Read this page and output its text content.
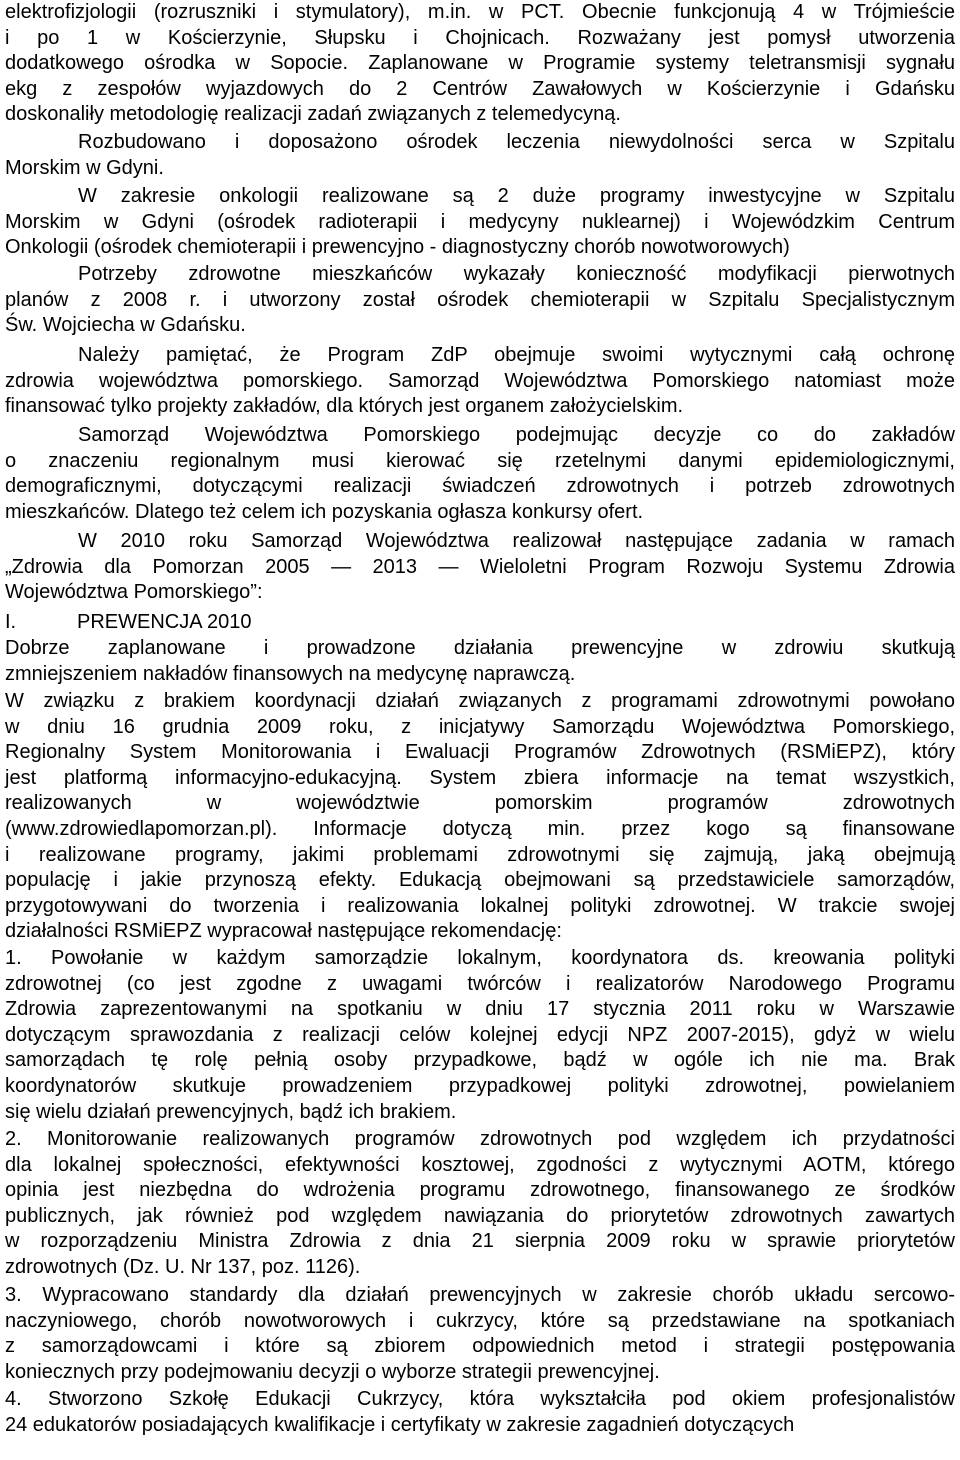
elektrofizjologii (rozruszniki i stymulatory), m.in. w PCT. Obecnie funkcjonują 4 w Trójmieście
i po 1 w Kościerzynie, Słupsku i Chojnicach. Rozważany jest pomysł utworzenia
dodatkowego ośrodka w Sopocie. Zaplanowane w Programie systemy teletransmisji sygnału
ekg z zespołów wyjazdowych do 2 Centrów Zawałowych w Kościerzynie i Gdańsku
doskonaliły metodologię realizacji zadań związanych z telemedycyną.
Rozbudowano i doposażono ośrodek leczenia niewydolności serca w Szpitalu
Morskim w Gdyni.
W zakresie onkologii realizowane są 2 duże programy inwestycyjne w Szpitalu
Morskim w Gdyni (ośrodek radioterapii i medycyny nuklearnej) i Wojewódzkim Centrum
Onkologii (ośrodek chemioterapii i prewencyjno - diagnostyczny chorób nowotworowych)
Potrzeby zdrowotne mieszkańców wykazały konieczność modyfikacji pierwotnych
planów z 2008 r. i utworzony został ośrodek chemioterapii w Szpitalu Specjalistycznym
Św. Wojciecha w Gdańsku.
Należy pamiętać, że Program ZdP obejmuje swoimi wytycznymi całą ochronę
zdrowia województwa pomorskiego. Samorząd Województwa Pomorskiego natomiast może
finansować tylko projekty zakładów, dla których jest organem założycielskim.
Samorząd Województwa Pomorskiego podejmując decyzje co do zakładów
o znaczeniu regionalnym musi kierować się rzetelnymi danymi epidemiologicznymi,
demograficznymi, dotyczącymi realizacji świadczeń zdrowotnych i potrzeb zdrowotnych
mieszkańców. Dlatego też celem ich pozyskania ogłasza konkursy ofert.
W 2010 roku Samorząd Województwa realizował następujące zadania w ramach
„Zdrowia dla Pomorzan 2005 — 2013 — Wieloletni Program Rozwoju Systemu Zdrowia
Województwa Pomorskiego”:
I.	PREWENCJA 2010
Dobrze zaplanowane i prowadzone działania prewencyjne w zdrowiu skutkują
zmniejszeniem nakładów finansowych na medycynę naprawczą.
W związku z brakiem koordynacji działań związanych z programami zdrowotnymi powołano
w dniu 16 grudnia 2009 roku, z inicjatywy Samorządu Województwa Pomorskiego,
Regionalny System Monitorowania i Ewaluacji Programów Zdrowotnych (RSMiEPZ), który
jest platformą informacyjno-edukacyjną. System zbiera informacje na temat wszystkich,
realizowanych w województwie pomorskim programów zdrowotnych
(www.zdrowiedlapomorzan.pl). Informacje dotyczą min. przez kogo są finansowane
i realizowane programy, jakimi problemami zdrowotnymi się zajmują, jaką obejmują
populację i jakie przynoszą efekty. Edukacją obejmowani są przedstawiciele samorządów,
przygotowywani do tworzenia i realizowania lokalnej polityki zdrowotnej. W trakcie swojej
działalności RSMiEPZ wypracował następujące rekomendację:
1. Powołanie w każdym samorządzie lokalnym, koordynatora ds. kreowania polityki
zdrowotnej (co jest zgodne z uwagami twórców i realizatorów Narodowego Programu
Zdrowia zaprezentowanymi na spotkaniu w dniu 17 stycznia 2011 roku w Warszawie
dotyczącym sprawozdania z realizacji celów kolejnej edycji NPZ 2007-2015), gdyż w wielu
samorządach tę rolę pełnią osoby przypadkowe, bądź w ogóle ich nie ma. Brak
koordynatorów skutkuje prowadzeniem przypadkowej polityki zdrowotnej, powielaniem
się wielu działań prewencyjnych, bądź ich brakiem.
2. Monitorowanie realizowanych programów zdrowotnych pod względem ich przydatności
dla lokalnej społeczności, efektywności kosztowej, zgodności z wytycznymi AOTM, którego
opinia jest niezbędna do wdrożenia programu zdrowotnego, finansowanego ze środków
publicznych, jak również pod względem nawiązania do priorytetów zdrowotnych zawartych
w rozporządzeniu Ministra Zdrowia z dnia 21 sierpnia 2009 roku w sprawie priorytetów
zdrowotnych (Dz. U. Nr 137, poz. 1126).
3. Wypracowano standardy dla działań prewencyjnych w zakresie chorób układu sercowo-
naczyniowego, chorób nowotworowych i cukrzycy, które są przedstawiane na spotkaniach
z samorządowcami i które są zbiorem odpowiednich metod i strategii postępowania
koniecznych przy podejmowaniu decyzji o wyborze strategii prewencyjnej.
4. Stworzono Szkołę Edukacji Cukrzycy, która wykształciła pod okiem profesjonalistów
24 edukatorów posiadających kwalifikacje i certyfikaty w zakresie zagadnień dotyczących
